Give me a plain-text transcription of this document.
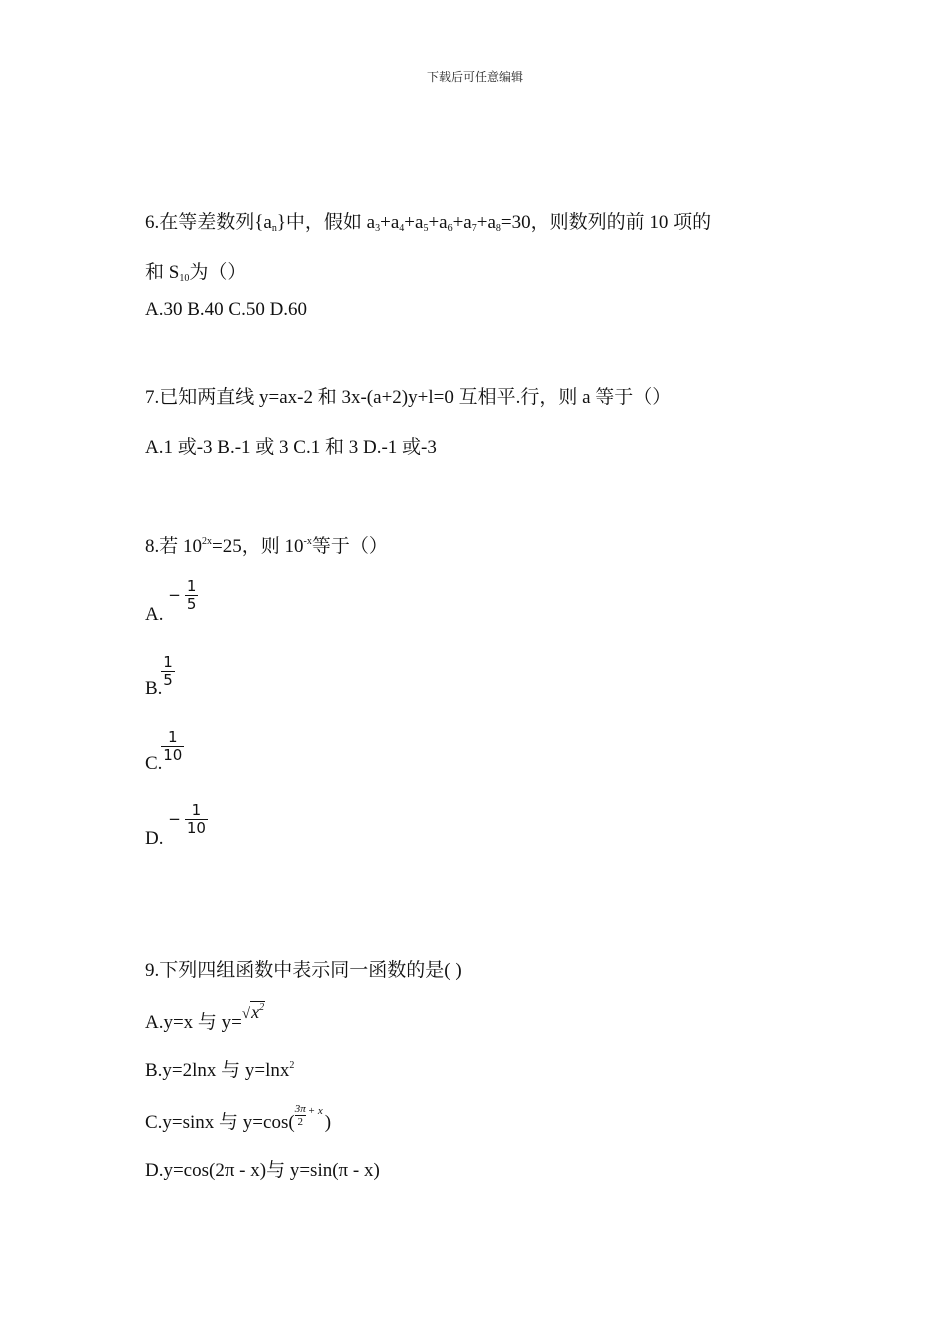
下载后可任意编辑
6.在等差数列$\{a_n\}$中，假如 $a_3+a_4+a_5+a_6+a_7+a_8=30$，则数列的前 10 项的
和 $S_{10}$为（）
A.30 B.40 C.50 D.60
7.已知两直线 y=ax-2 和 3x-(a+2)y+l=0 互相平.行，则 a 等于（）
A.1 或-3 B.-1 或 3 C.1 和 3 D.-1 或-3
8.若 $10^{2x}=25$，则 $10^{-x}$等于（）
A. − $\frac{1}{5}$
B.
$\frac{1}{5}$
C.
$\frac{1}{10}$
D. − $\frac{1}{10}$
9.下列四组函数中表示同一函数的是( )
A.y=x 与 $y=√x^2$
B.y=2lnx 与 y=lnx$^2$
C.y=sinx 与 $y=\cos( \frac{3\pi}{2} ^{+ x})$
D.y=cos(2π - x)与 y=sin(π - x)
